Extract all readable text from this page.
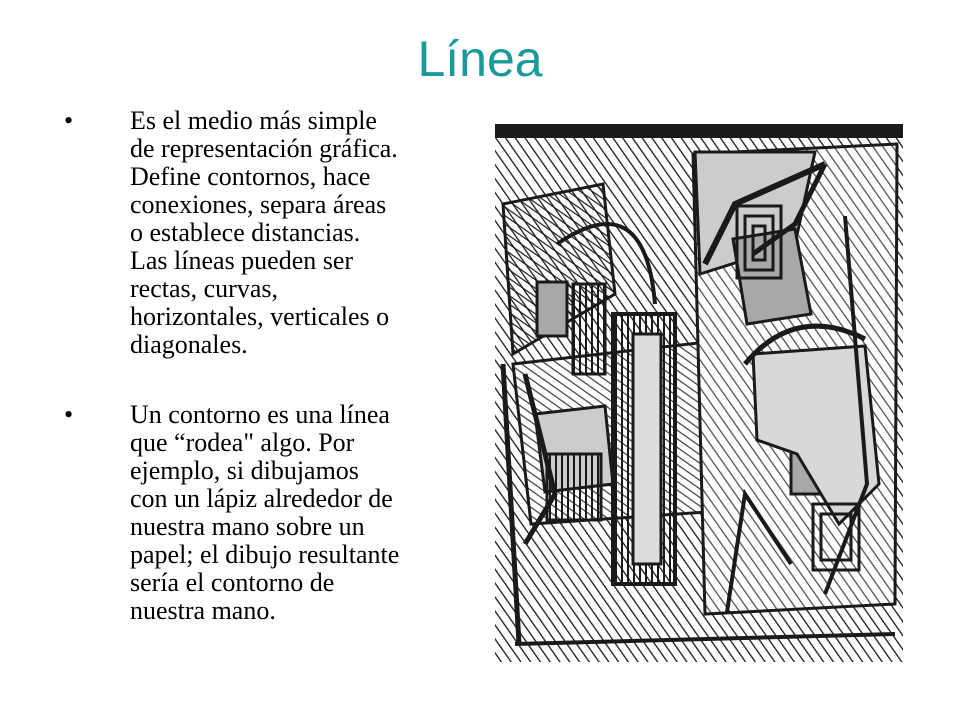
Línea
• Es el medio más simple
de representación gráfica.
Define contornos, hace
conexiones, separa áreas
o establece distancias.
Las líneas pueden ser
rectas, curvas,
horizontales, verticales o
diagonales.
• Un contorno es una línea
que “rodea" algo. Por
ejemplo, si dibujamos
con un lápiz alrededor de
nuestra mano sobre un
papel; el dibujo resultante
sería el contorno de
nuestra mano.
